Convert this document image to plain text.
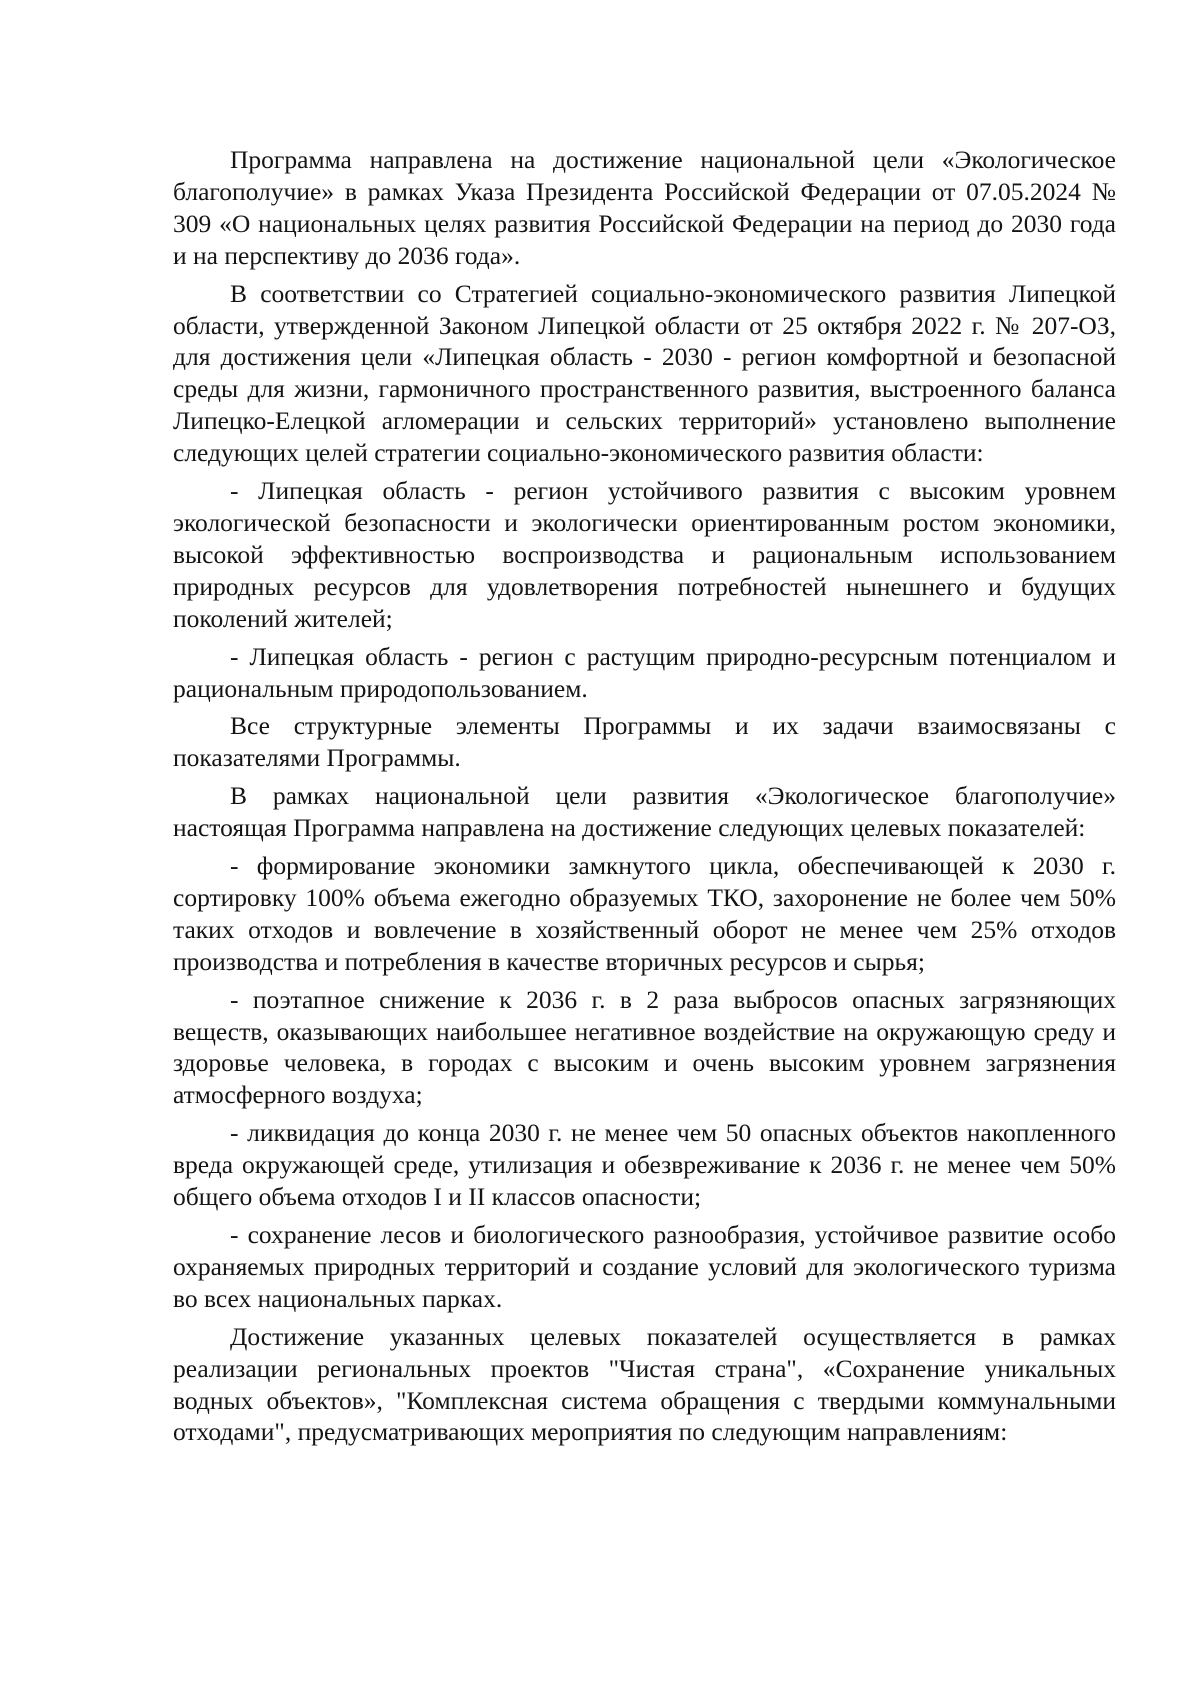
Программа направлена на достижение национальной цели «Экологическое благополучие» в рамках Указа Президента Российской Федерации от 07.05.2024 № 309 «О национальных целях развития Российской Федерации на период до 2030 года и на перспективу до 2036 года».

В соответствии со Стратегией социально-экономического развития Липецкой области, утвержденной Законом Липецкой области от 25 октября 2022 г. № 207-ОЗ, для достижения цели «Липецкая область - 2030 - регион комфортной и безопасной среды для жизни, гармоничного пространственного развития, выстроенного баланса Липецко-Елецкой агломерации и сельских территорий» установлено выполнение следующих целей стратегии социально-экономического развития области:

- Липецкая область - регион устойчивого развития с высоким уровнем экологической безопасности и экологически ориентированным ростом экономики, высокой эффективностью воспроизводства и рациональным использованием природных ресурсов для удовлетворения потребностей нынешнего и будущих поколений жителей;

- Липецкая область - регион с растущим природно-ресурсным потенциалом и рациональным природопользованием.

Все структурные элементы Программы и их задачи взаимосвязаны с показателями Программы.

В рамках национальной цели развития «Экологическое благополучие» настоящая Программа направлена на достижение следующих целевых показателей:

- формирование экономики замкнутого цикла, обеспечивающей к 2030 г. сортировку 100% объема ежегодно образуемых ТКО, захоронение не более чем 50% таких отходов и вовлечение в хозяйственный оборот не менее чем 25% отходов производства и потребления в качестве вторичных ресурсов и сырья;

- поэтапное снижение к 2036 г. в 2 раза выбросов опасных загрязняющих веществ, оказывающих наибольшее негативное воздействие на окружающую среду и здоровье человека, в городах с высоким и очень высоким уровнем загрязнения атмосферного воздуха;

- ликвидация до конца 2030 г. не менее чем 50 опасных объектов накопленного вреда окружающей среде, утилизация и обезвреживание к 2036 г. не менее чем 50% общего объема отходов I и II классов опасности;

- сохранение лесов и биологического разнообразия, устойчивое развитие особо охраняемых природных территорий и создание условий для экологического туризма во всех национальных парках.

Достижение указанных целевых показателей осуществляется в рамках реализации региональных проектов "Чистая страна", «Сохранение уникальных водных объектов», "Комплексная система обращения с твердыми коммунальными отходами", предусматривающих мероприятия по следующим направлениям:
